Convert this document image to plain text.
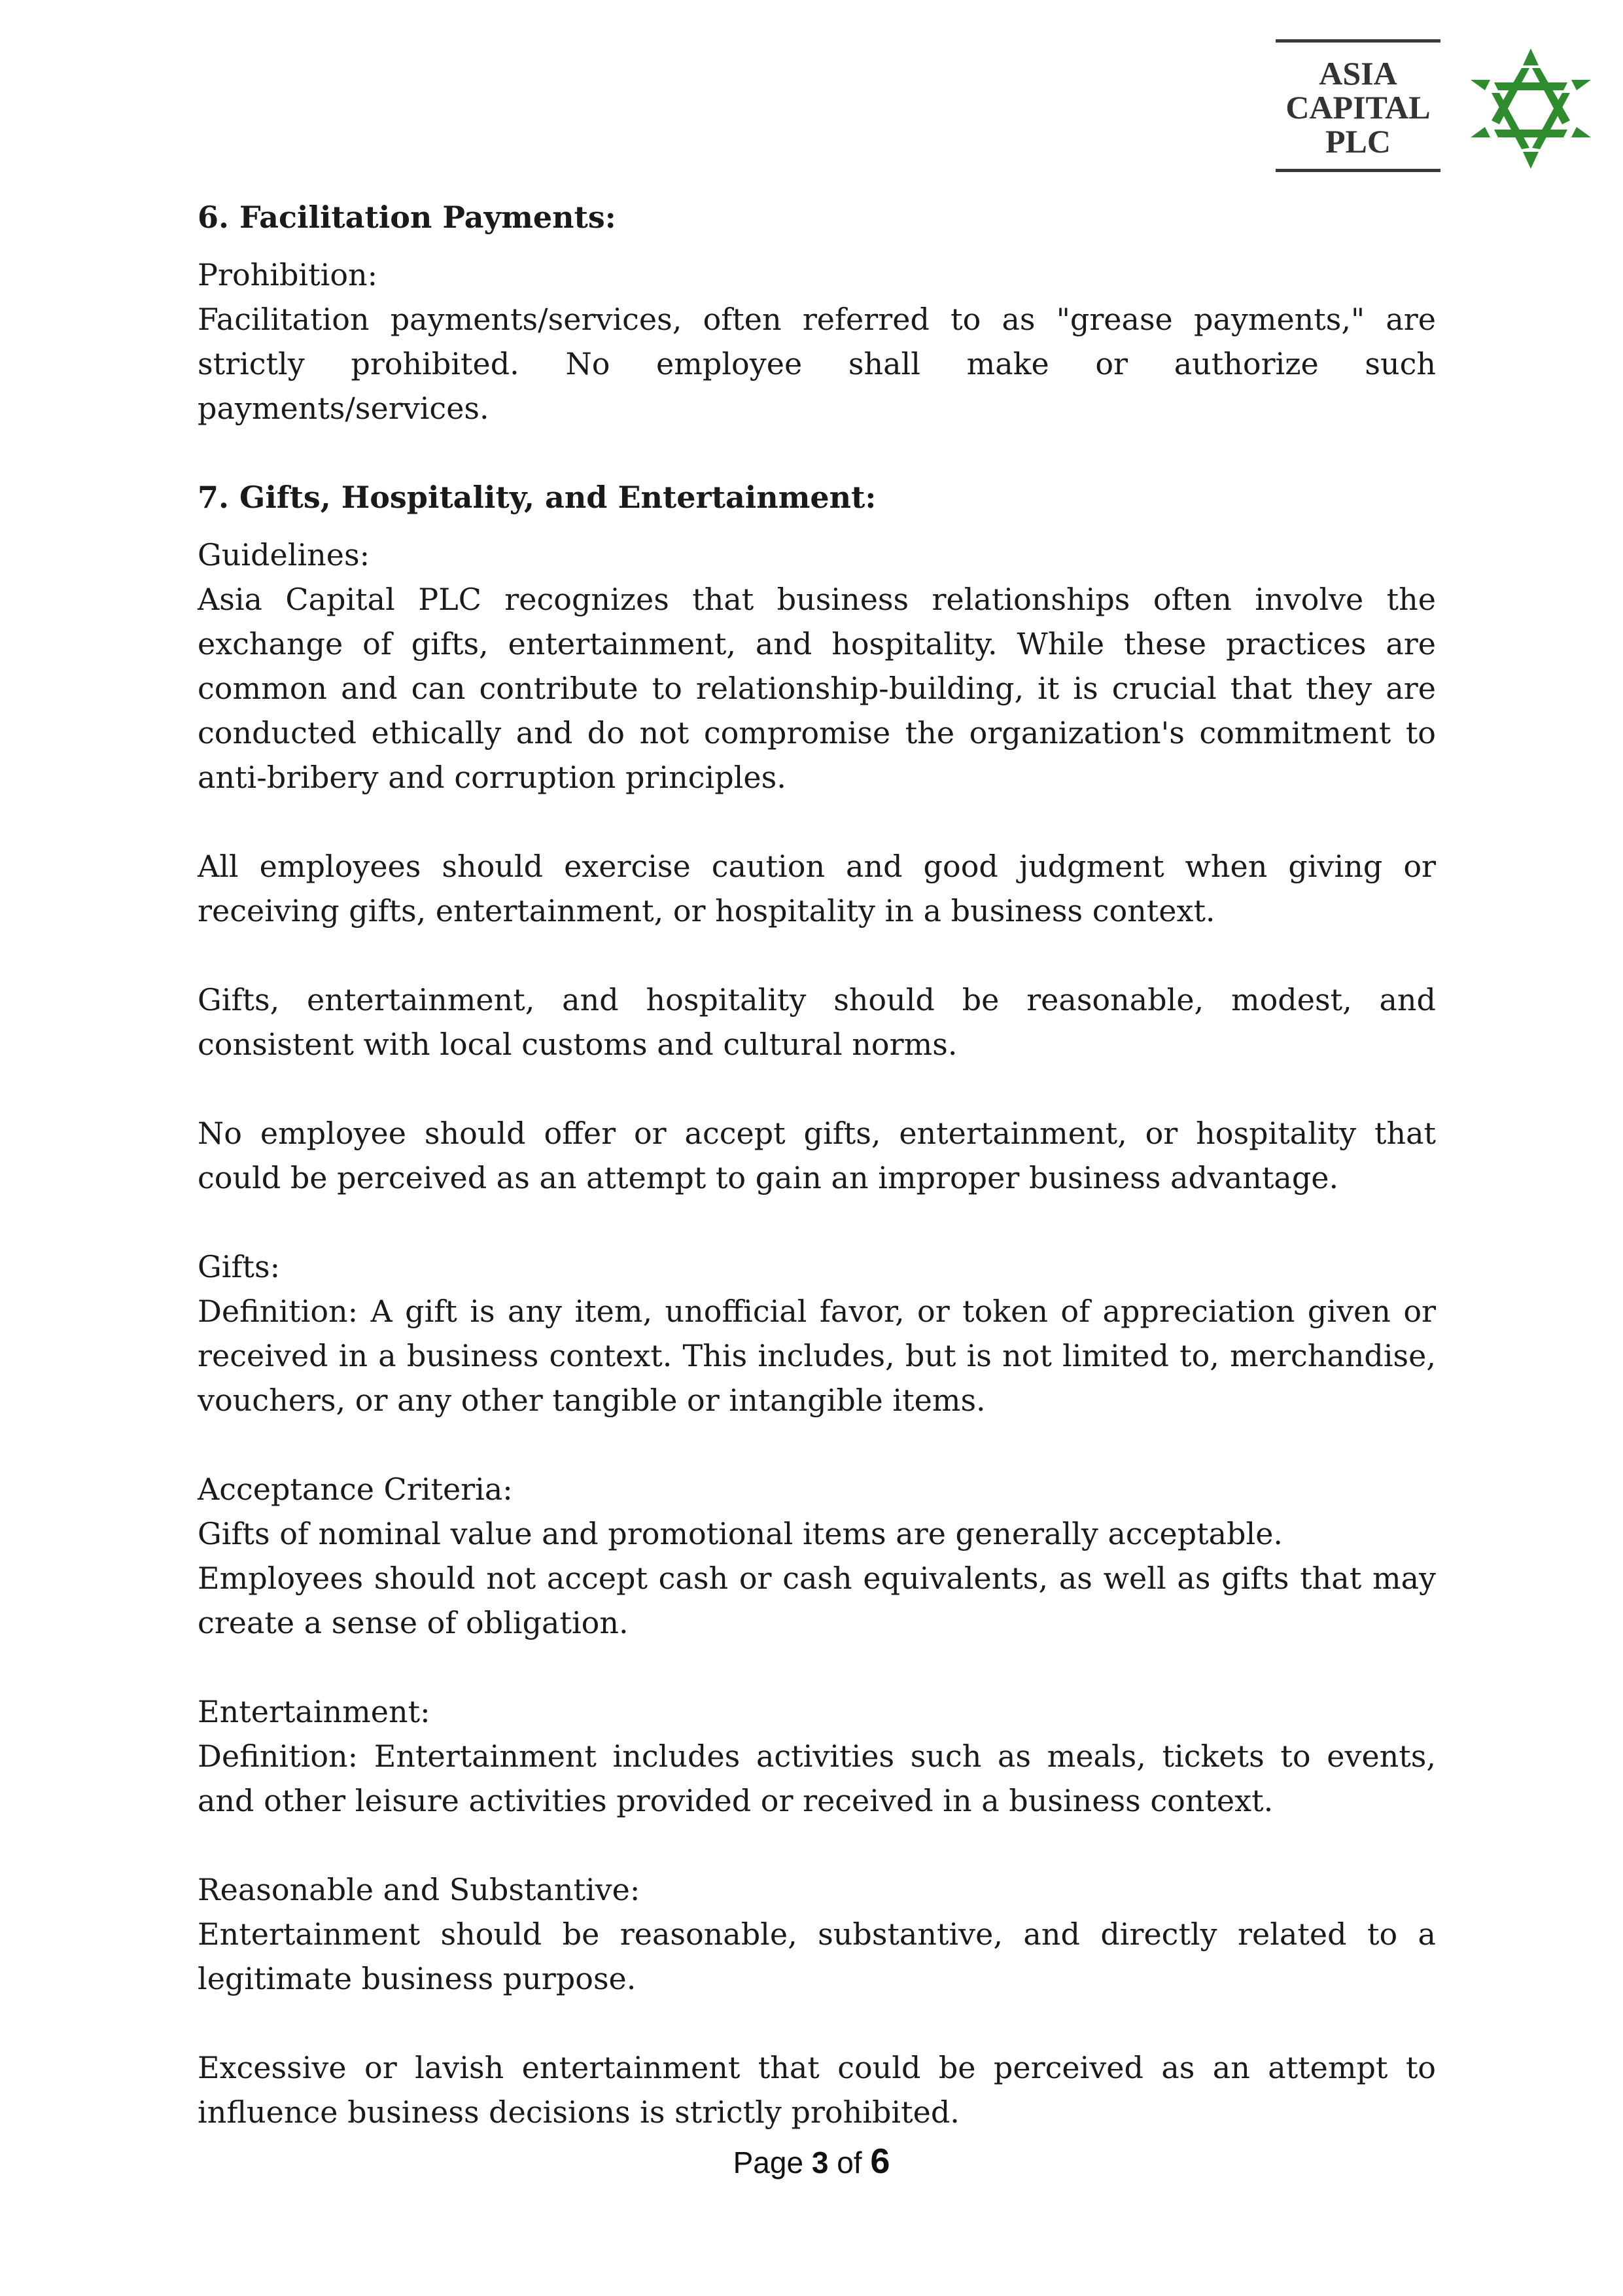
ASIA
CAPITAL
PLC
6. Facilitation Payments:

Prohibition:

Facilitation payments/services, often referred to as "grease payments," are strictly prohibited. No employee shall make or authorize such payments/services.

7. Gifts, Hospitality, and Entertainment:

Guidelines:

Asia Capital PLC recognizes that business relationships often involve the exchange of gifts, entertainment, and hospitality. While these practices are common and can contribute to relationship-building, it is crucial that they are conducted ethically and do not compromise the organization's commitment to anti-bribery and corruption principles.

All employees should exercise caution and good judgment when giving or receiving gifts, entertainment, or hospitality in a business context.

Gifts, entertainment, and hospitality should be reasonable, modest, and consistent with local customs and cultural norms.

No employee should offer or accept gifts, entertainment, or hospitality that could be perceived as an attempt to gain an improper business advantage.

Gifts:

Definition: A gift is any item, unofficial favor, or token of appreciation given or received in a business context. This includes, but is not limited to, merchandise, vouchers, or any other tangible or intangible items.

Acceptance Criteria:

Gifts of nominal value and promotional items are generally acceptable.

Employees should not accept cash or cash equivalents, as well as gifts that may create a sense of obligation.

Entertainment:

Definition: Entertainment includes activities such as meals, tickets to events, and other leisure activities provided or received in a business context.

Reasonable and Substantive:

Entertainment should be reasonable, substantive, and directly related to a legitimate business purpose.

Excessive or lavish entertainment that could be perceived as an attempt to influence business decisions is strictly prohibited.

Page 3 of 6
